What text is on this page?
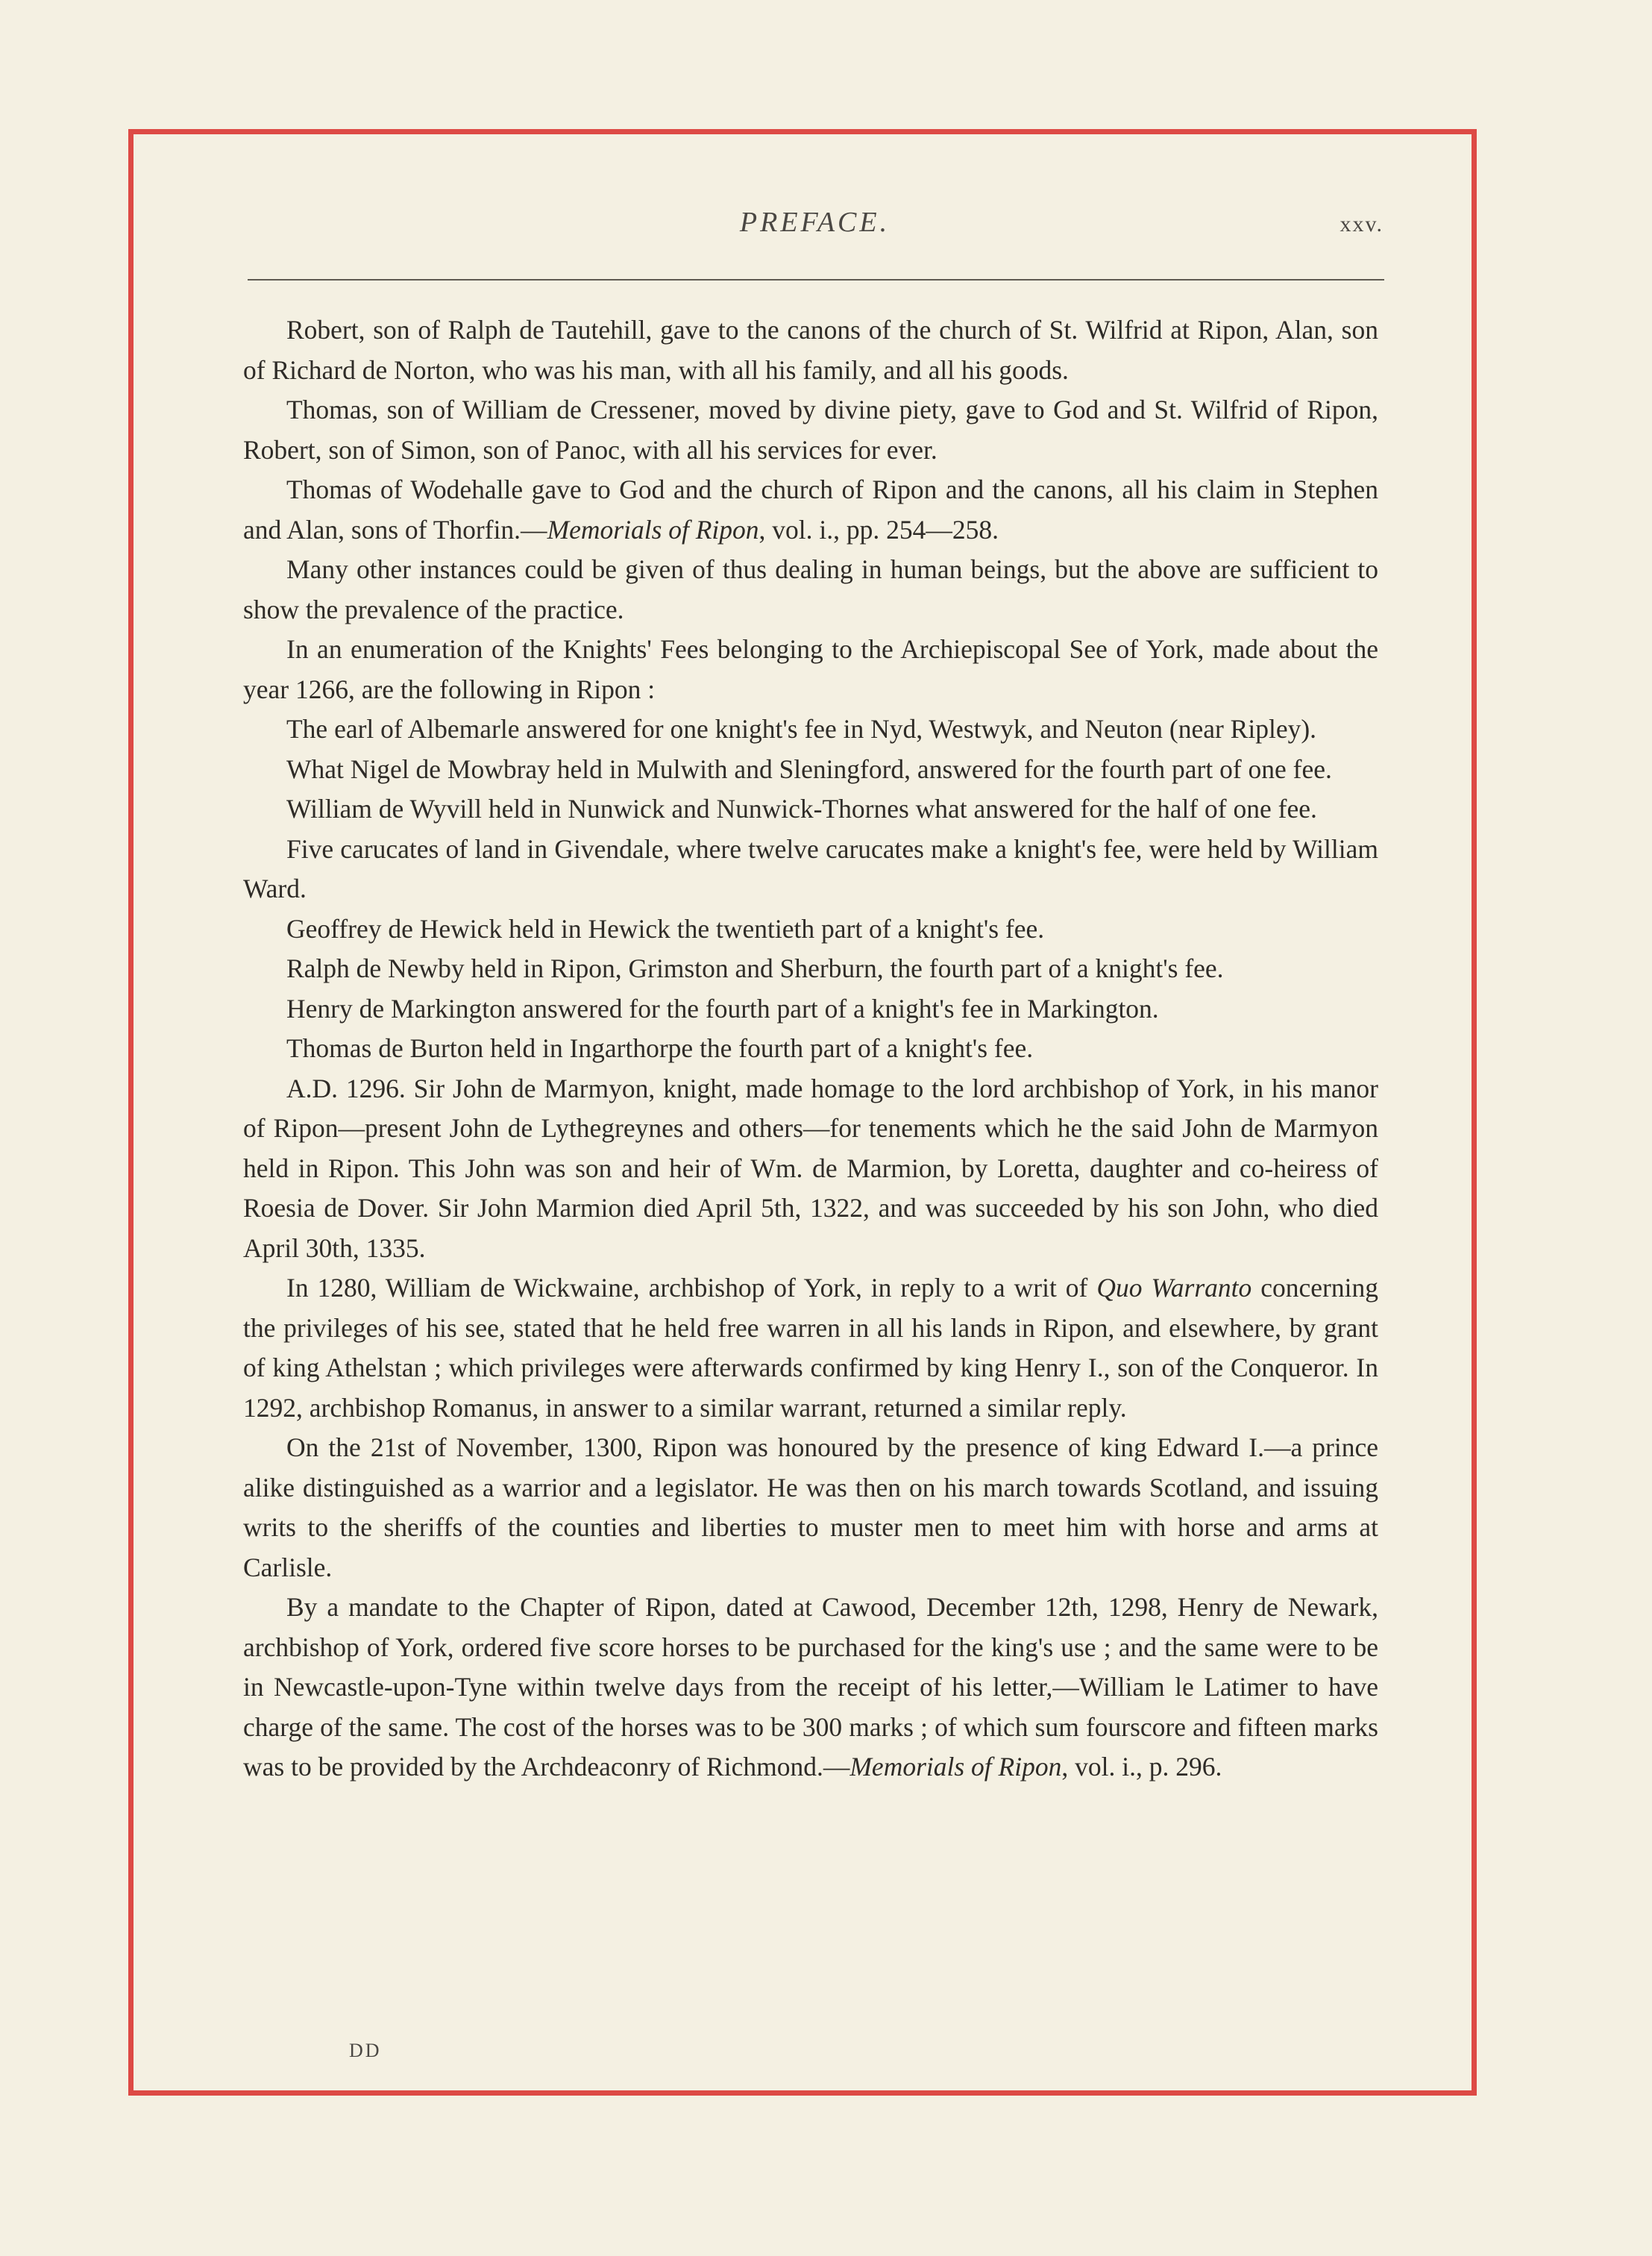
PREFACE.	xxv.

Robert, son of Ralph de Tautehill, gave to the canons of the church of St. Wilfrid at Ripon, Alan, son of Richard de Norton, who was his man, with all his family, and all his goods.

Thomas, son of William de Cressener, moved by divine piety, gave to God and St. Wilfrid of Ripon, Robert, son of Simon, son of Panoc, with all his services for ever.

Thomas of Wodehalle gave to God and the church of Ripon and the canons, all his claim in Stephen and Alan, sons of Thorfin.—Memorials of Ripon, vol. i., pp. 254—258.

Many other instances could be given of thus dealing in human beings, but the above are sufficient to show the prevalence of the practice.

In an enumeration of the Knights' Fees belonging to the Archiepiscopal See of York, made about the year 1266, are the following in Ripon :

The earl of Albemarle answered for one knight's fee in Nyd, Westwyk, and Neuton (near Ripley).

What Nigel de Mowbray held in Mulwith and Sleningford, answered for the fourth part of one fee.

William de Wyvill held in Nunwick and Nunwick-Thornes what answered for the half of one fee.

Five carucates of land in Givendale, where twelve carucates make a knight's fee, were held by William Ward.

Geoffrey de Hewick held in Hewick the twentieth part of a knight's fee.

Ralph de Newby held in Ripon, Grimston and Sherburn, the fourth part of a knight's fee.

Henry de Markington answered for the fourth part of a knight's fee in Markington.

Thomas de Burton held in Ingarthorpe the fourth part of a knight's fee.

A.D. 1296. Sir John de Marmyon, knight, made homage to the lord archbishop of York, in his manor of Ripon—present John de Lythegreynes and others—for tenements which he the said John de Marmyon held in Ripon. This John was son and heir of Wm. de Marmion, by Loretta, daughter and co-heiress of Roesia de Dover. Sir John Marmion died April 5th, 1322, and was succeeded by his son John, who died April 30th, 1335.

In 1280, William de Wickwaine, archbishop of York, in reply to a writ of Quo Warranto concerning the privileges of his see, stated that he held free warren in all his lands in Ripon, and elsewhere, by grant of king Athelstan ; which privileges were afterwards confirmed by king Henry I., son of the Conqueror. In 1292, archbishop Romanus, in answer to a similar warrant, returned a similar reply.

On the 21st of November, 1300, Ripon was honoured by the presence of king Edward I.—a prince alike distinguished as a warrior and a legislator. He was then on his march towards Scotland, and issuing writs to the sheriffs of the counties and liberties to muster men to meet him with horse and arms at Carlisle.

By a mandate to the Chapter of Ripon, dated at Cawood, December 12th, 1298, Henry de Newark, archbishop of York, ordered five score horses to be purchased for the king's use ; and the same were to be in Newcastle-upon-Tyne within twelve days from the receipt of his letter,—William le Latimer to have charge of the same. The cost of the horses was to be 300 marks ; of which sum fourscore and fifteen marks was to be provided by the Archdeaconry of Richmond.—Memorials of Ripon, vol. i., p. 296.

DD
